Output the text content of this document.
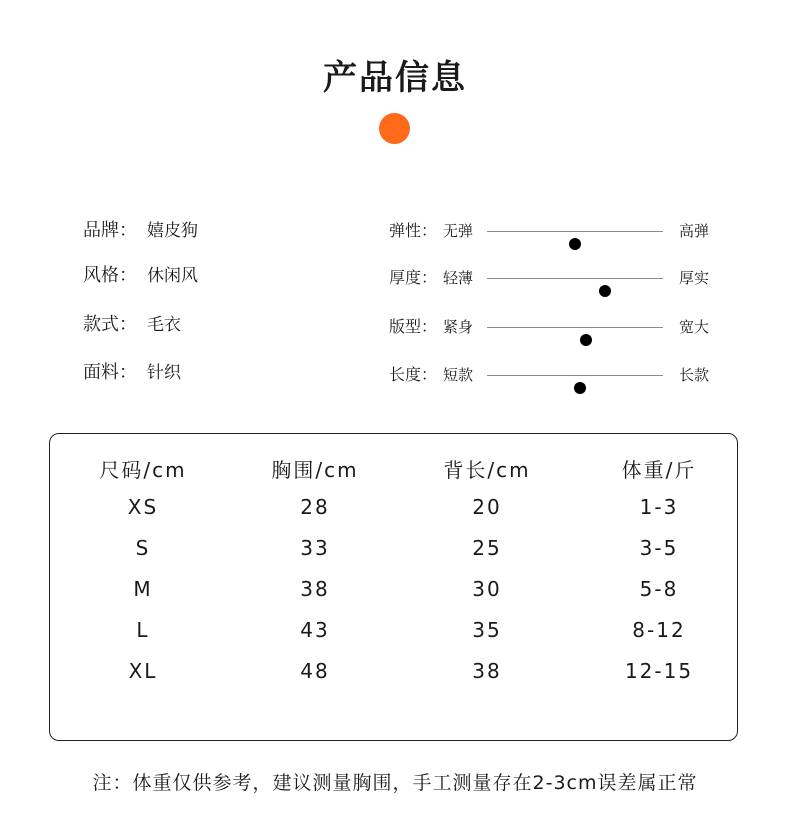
产品信息
品牌： 嬉皮狗
风格： 休闲风
款式： 毛衣
面料： 针织
弹性： 无弹	高弹
厚度： 轻薄	厚实
版型： 紧身	宽大
长度： 短款	长款
尺码/cm	胸围/cm	背长/cm	体重/斤
XS	28	20	1-3
S	33	25	3-5
M	38	30	5-8
L	43	35	8-12
XL	48	38	12-15
注：体重仅供参考，建议测量胸围，手工测量存在2-3cm误差属正常
